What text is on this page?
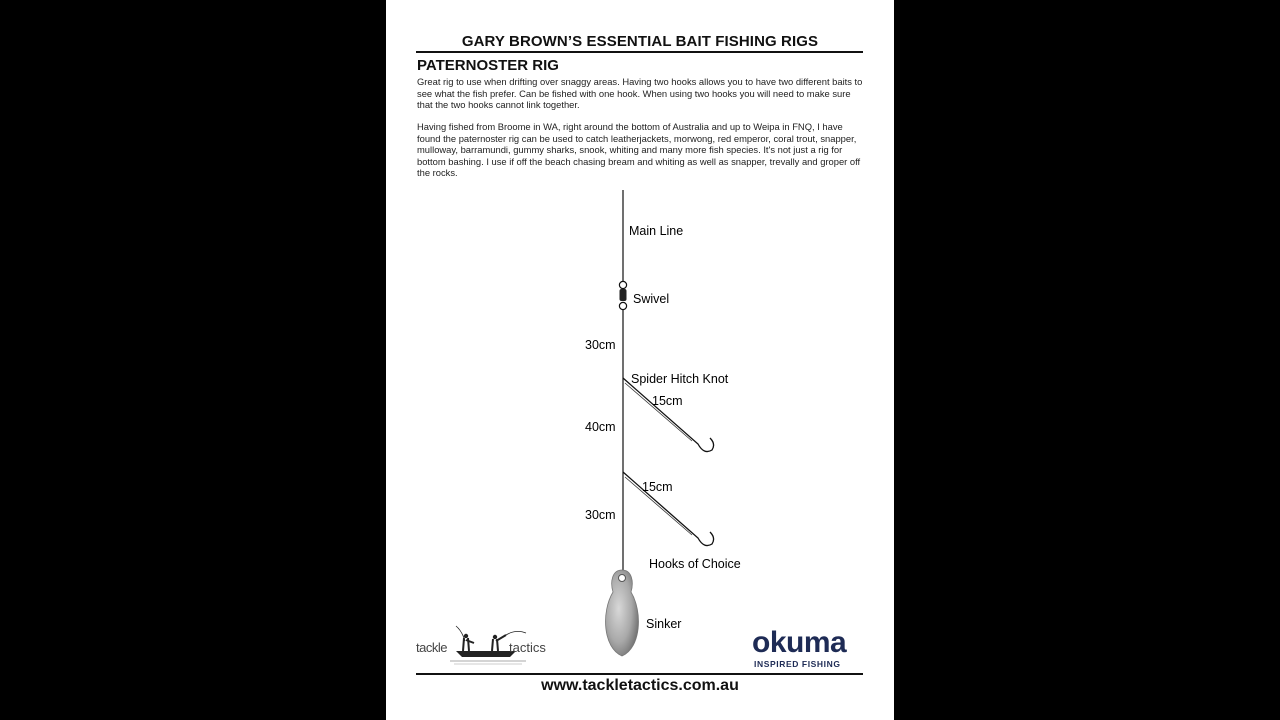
GARY BROWN’S ESSENTIAL BAIT FISHING RIGS
PATERNOSTER RIG
Great rig to use when drifting over snaggy areas. Having two hooks allows you to have two different baits to see what the fish prefer. Can be fished with one hook. When using two hooks you will need to make sure that the two hooks cannot link together.
Having fished from Broome in WA, right around the bottom of Australia and up to Weipa in FNQ, I have found the paternoster rig can be used to catch leatherjackets, morwong, red emperor, coral trout, snapper, mulloway, barramundi, gummy sharks, snook, whiting and many more fish species. It's not just a rig for bottom bashing. I use if off the beach chasing bream and whiting as well as snapper, trevally and groper off the rocks.
Main Line
Swivel
30cm
Spider Hitch Knot
15cm
40cm
15cm
30cm
Hooks of Choice
Sinker
tackle	tactics	okuma
INSPIRED FISHING
www.tackletactics.com.au
